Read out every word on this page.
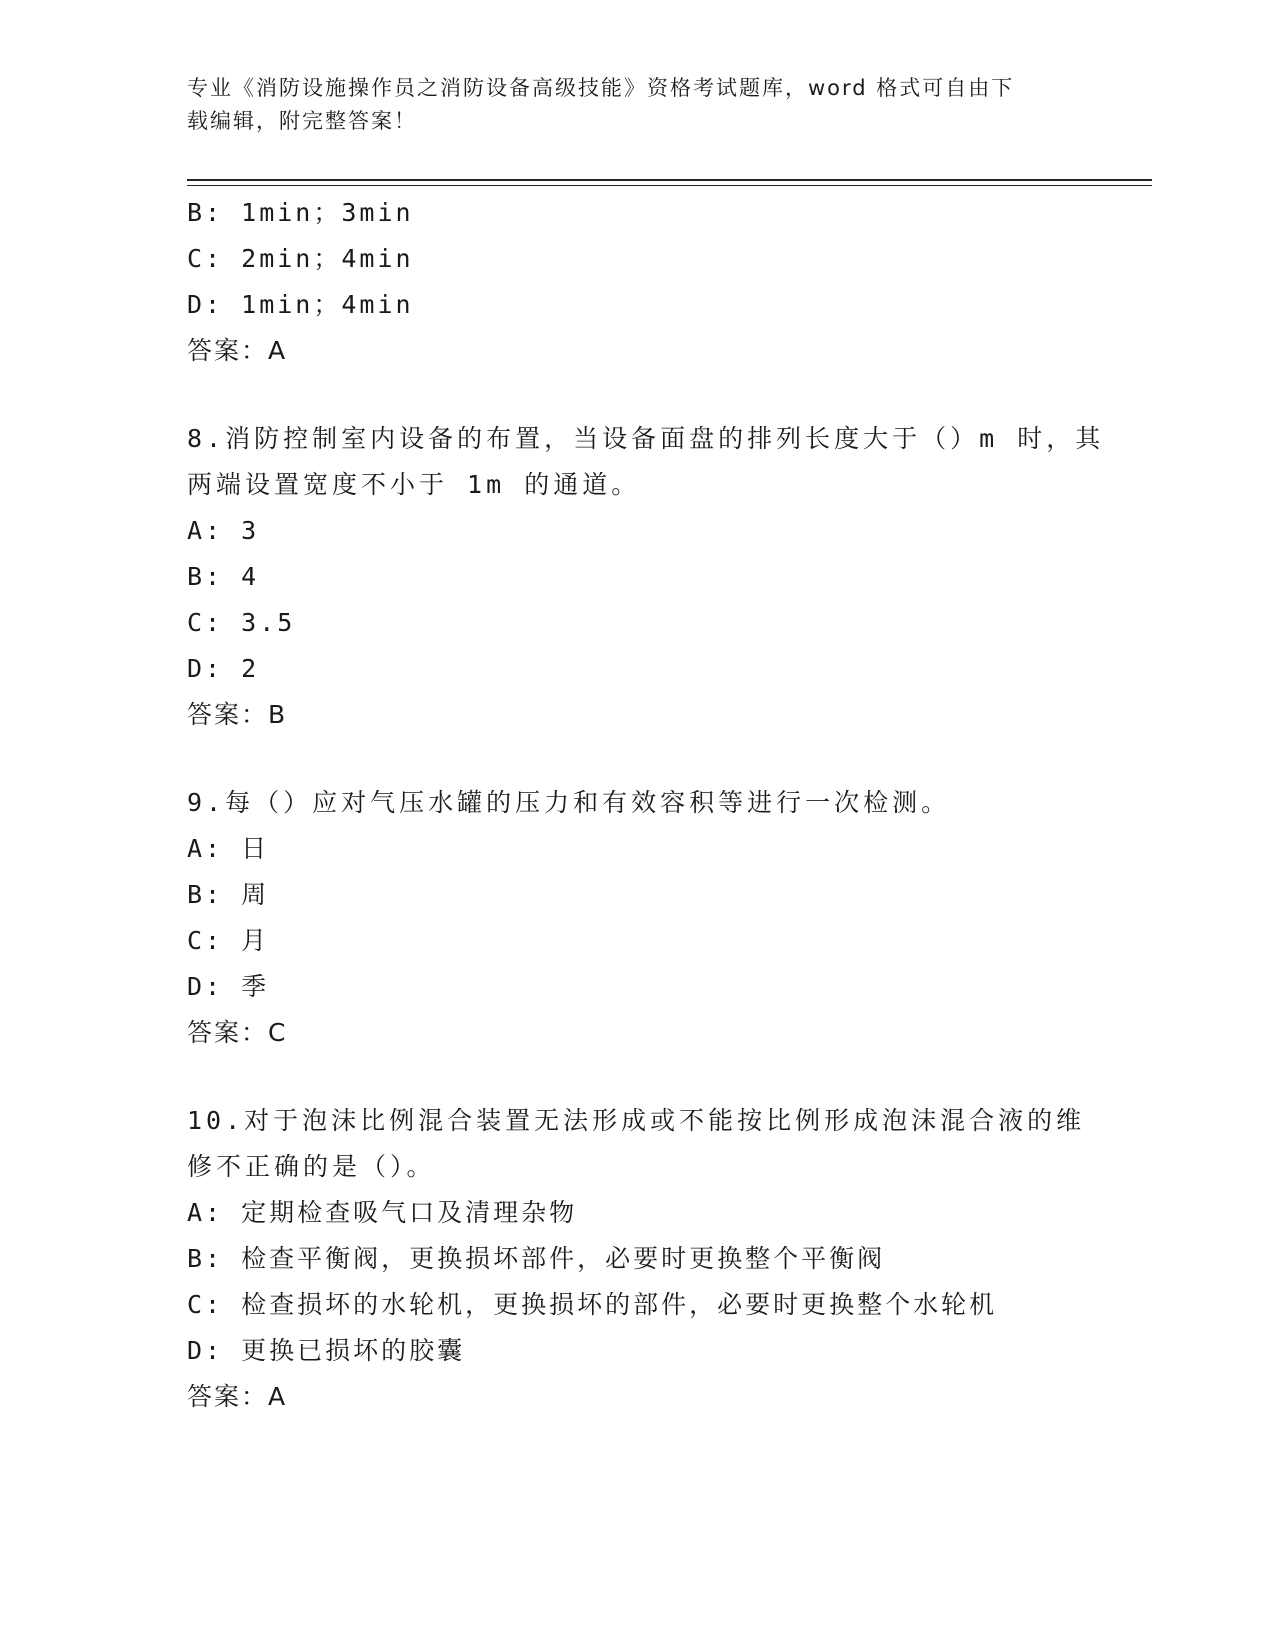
专业《消防设施操作员之消防设备高级技能》资格考试题库，word 格式可自由下
载编辑，附完整答案！
B: 1min；3min
C: 2min；4min
D: 1min；4min
答案：A
8.消防控制室内设备的布置，当设备面盘的排列长度大于（）m 时，其
两端设置宽度不小于 1m 的通道。
A: 3
B: 4
C: 3.5
D: 2
答案：B
9.每（）应对气压水罐的压力和有效容积等进行一次检测。
A: 日
B: 周
C: 月
D: 季
答案：C
10.对于泡沫比例混合装置无法形成或不能按比例形成泡沫混合液的维
修不正确的是（）。
A: 定期检查吸气口及清理杂物
B: 检查平衡阀，更换损坏部件，必要时更换整个平衡阀
C: 检查损坏的水轮机，更换损坏的部件，必要时更换整个水轮机
D: 更换已损坏的胶囊
答案：A
